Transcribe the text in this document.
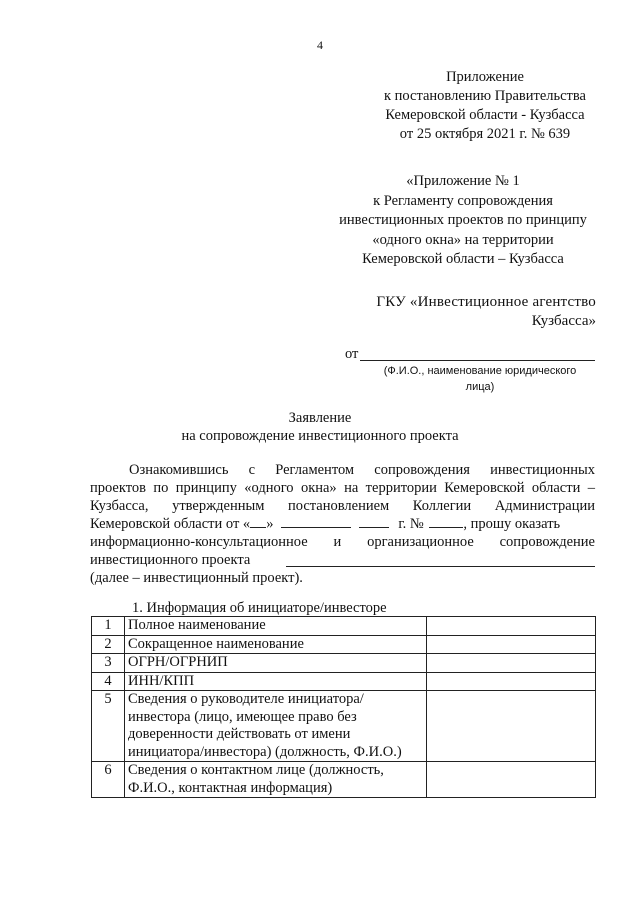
4
Приложение
к постановлению Правительства
Кемеровской области - Кузбасса
от 25 октября 2021 г. № 639
«Приложение № 1
к Регламенту сопровождения
инвестиционных проектов по принципу
«одного окна» на территории
Кемеровской области – Кузбасса
ГКУ «Инвестиционное агентство
Кузбасса»
от
(Ф.И.О., наименование юридического
лица)
Заявление
на сопровождение инвестиционного проекта
Ознакомившись с Регламентом сопровождения инвестиционных
проектов по принципу «одного окна» на территории Кемеровской области –
Кузбасса, утвержденным постановлением Коллегии Администрации
Кемеровской области от « »	г. №	, прошу оказать
информационно-консультационное и организационное сопровождение
инвестиционного проекта
(далее – инвестиционный проект).
1. Информация об инициаторе/инвесторе
1	Полное наименование	
2	Сокращенное наименование	
3	ОГРН/ОГРНИП	
4	ИНН/КПП	
5	Сведения о руководителе инициатора/инвестора (лицо, имеющее право без доверенности действовать от имени инициатора/инвестора) (должность, Ф.И.О.)	
6	Сведения о контактном лице (должность, Ф.И.О., контактная информация)	
